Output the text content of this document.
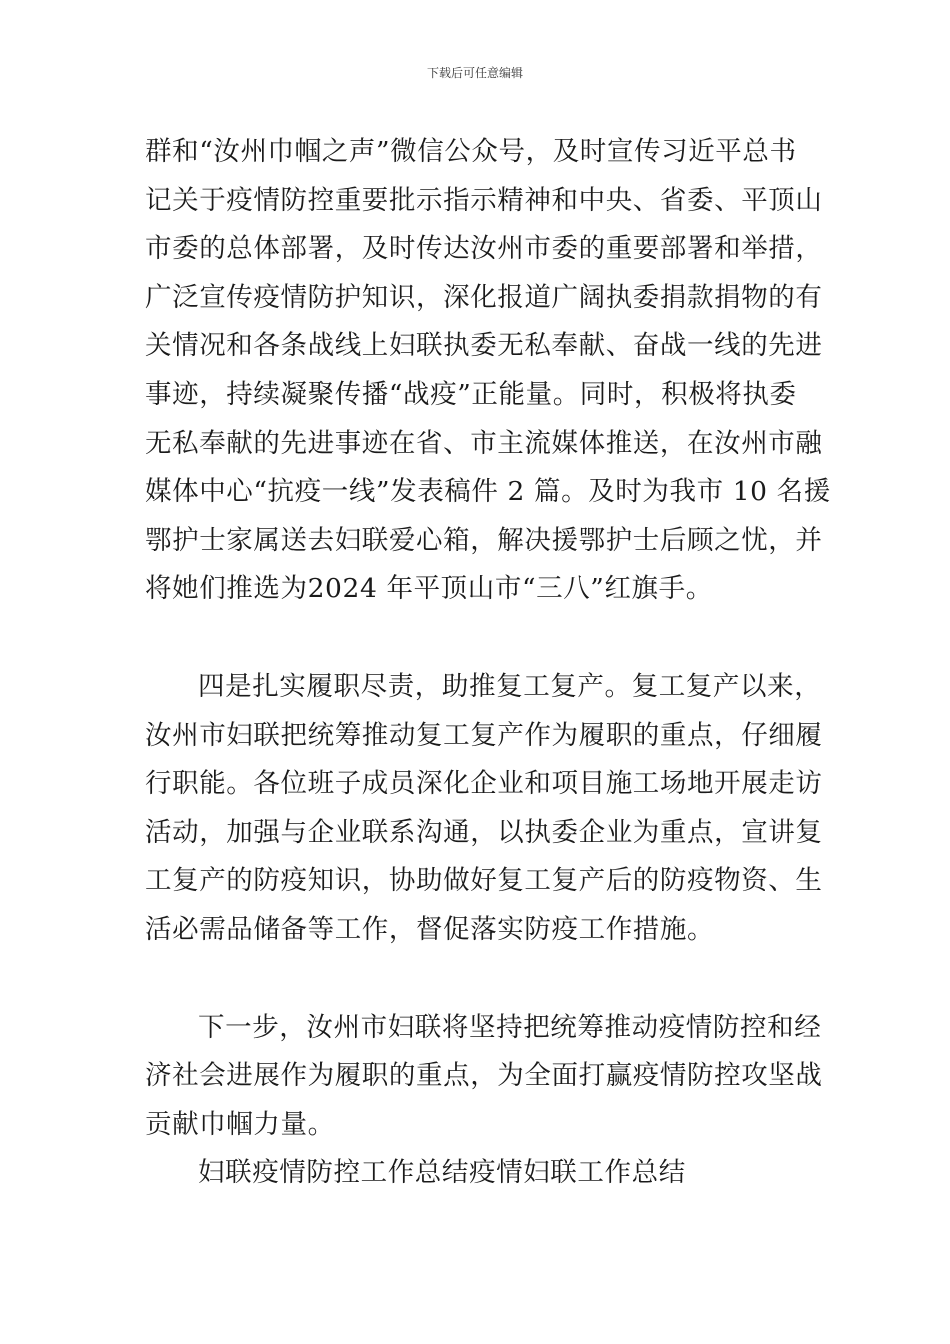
下载后可任意编辑
群和“汝州巾帼之声”微信公众号，及时宣传习近平总书
记关于疫情防控重要批示指示精神和中央、省委、平顶山
市委的总体部署，及时传达汝州市委的重要部署和举措，
广泛宣传疫情防护知识，深化报道广阔执委捐款捐物的有
关情况和各条战线上妇联执委无私奉献、奋战一线的先进
事迹，持续凝聚传播“战疫”正能量。同时，积极将执委
无私奉献的先进事迹在省、市主流媒体推送，在汝州市融
媒体中心“抗疫一线”发表稿件 2 篇。及时为我市 10 名援
鄂护士家属送去妇联爱心箱，解决援鄂护士后顾之忧，并
将她们推选为2024 年平顶山市“三八”红旗手。
四是扎实履职尽责，助推复工复产。复工复产以来，
汝州市妇联把统筹推动复工复产作为履职的重点，仔细履
行职能。各位班子成员深化企业和项目施工场地开展走访
活动，加强与企业联系沟通，以执委企业为重点，宣讲复
工复产的防疫知识，协助做好复工复产后的防疫物资、生
活必需品储备等工作，督促落实防疫工作措施。
下一步，汝州市妇联将坚持把统筹推动疫情防控和经
济社会进展作为履职的重点，为全面打赢疫情防控攻坚战
贡献巾帼力量。
妇联疫情防控工作总结疫情妇联工作总结
